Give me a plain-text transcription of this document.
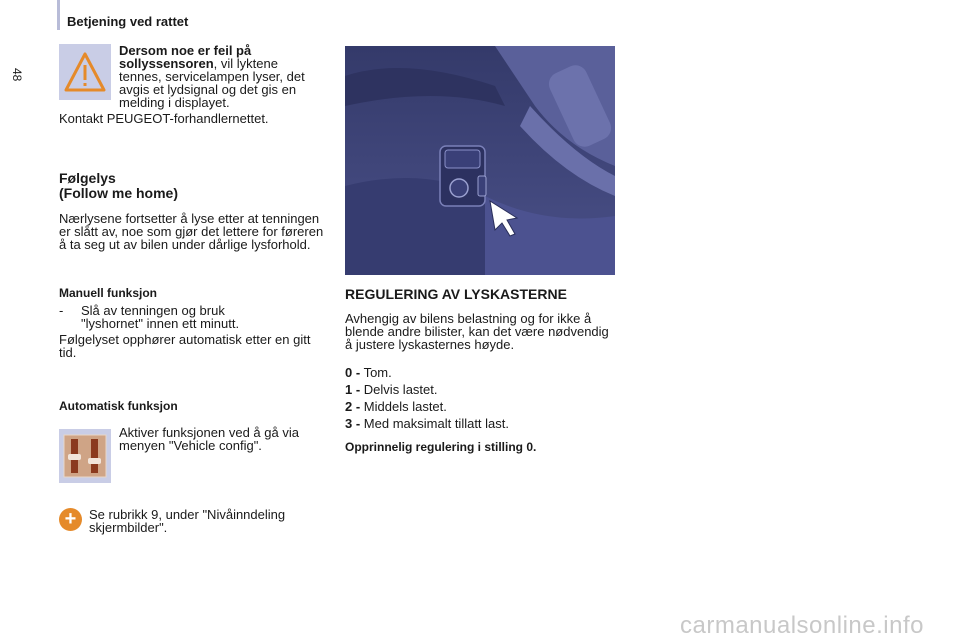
Betjening ved rattet
48
Dersom noe er feil på sollyssensoren, vil lyktene tennes, servicelampen lyser, det avgis et lydsignal og det gis en melding i displayet.
Kontakt PEUGEOT-forhandlernettet.
Følgelys
(Follow me home)
Nærlysene fortsetter å lyse etter at tenningen er slått av, noe som gjør det lettere for føreren å ta seg ut av bilen under dårlige lysforhold.
Manuell funksjon
- Slå av tenningen og bruk "lyshornet" innen ett minutt.
Følgelyset opphører automatisk etter en gitt tid.
Automatisk funksjon
Aktiver funksjonen ved å gå via menyen "Vehicle config".
+ Se rubrikk 9, under "Nivåinndeling skjermbilder".
REGULERING AV LYSKASTERNE
Avhengig av bilens belastning og for ikke å blende andre bilister, kan det være nødvendig å justere lyskasternes høyde.
0 - Tom.
1 - Delvis lastet.
2 - Middels lastet.
3 - Med maksimalt tillatt last.
Opprinnelig regulering i stilling 0.
carmanualsonline.info
